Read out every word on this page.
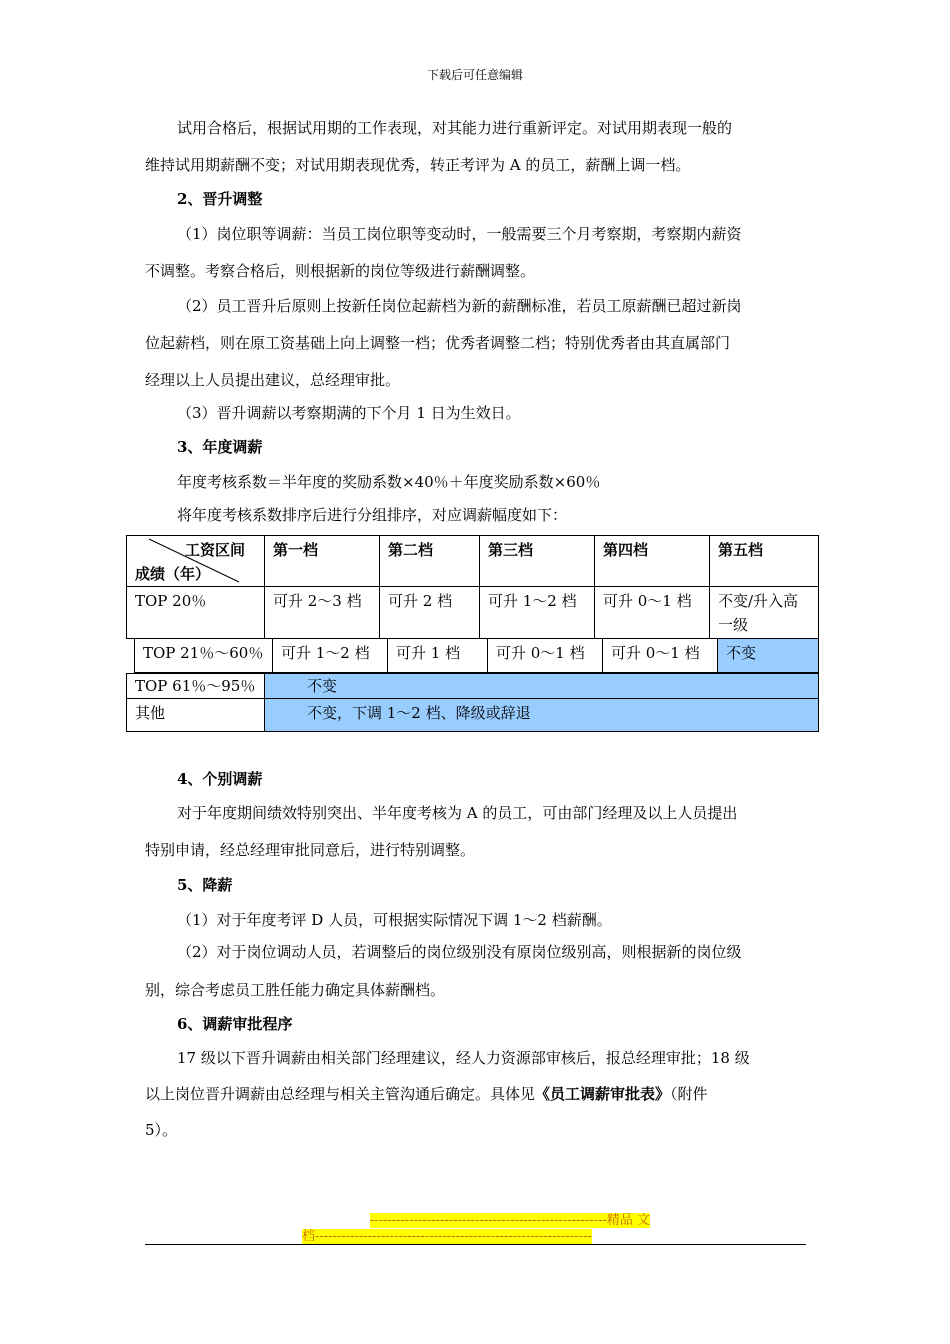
下载后可任意编辑
试用合格后，根据试用期的工作表现，对其能力进行重新评定。对试用期表现一般的
维持试用期薪酬不变；对试用期表现优秀，转正考评为 A 的员工，薪酬上调一档。
2、晋升调整
（1）岗位职等调薪：当员工岗位职等变动时，一般需要三个月考察期，考察期内薪资
不调整。考察合格后，则根据新的岗位等级进行薪酬调整。
（2）员工晋升后原则上按新任岗位起薪档为新的薪酬标准，若员工原薪酬已超过新岗
位起薪档，则在原工资基础上向上调整一档；优秀者调整二档；特别优秀者由其直属部门
经理以上人员提出建议，总经理审批。
（3）晋升调薪以考察期满的下个月 1 日为生效日。
3、年度调薪
年度考核系数＝半年度的奖励系数×40％＋年度奖励系数×60％
将年度考核系数排序后进行分组排序，对应调薪幅度如下：
工资区间
成绩（年）
第一档	第二档	第三档	第四档	第五档
TOP 20％	可升 2～3 档	可升 2 档	可升 1～2 档	可升 0～1 档	不变/升入高一级
TOP 21％～60％	可升 1～2 档	可升 1 档	可升 0～1 档	可升 0～1 档	不变
TOP 61％～95％	不变
其他	不变，下调 1～2 档、降级或辞退
4、个别调薪
对于年度期间绩效特别突出、半年度考核为 A 的员工，可由部门经理及以上人员提出
特别申请，经总经理审批同意后，进行特别调整。
5、降薪
（1）对于年度考评 D 人员，可根据实际情况下调 1～2 档薪酬。
（2）对于岗位调动人员，若调整后的岗位级别没有原岗位级别高，则根据新的岗位级
别，综合考虑员工胜任能力确定具体薪酬档。
6、调薪审批程序
17 级以下晋升调薪由相关部门经理建议，经人力资源部审核后，报总经理审批；18 级
以上岗位晋升调薪由总经理与相关主管沟通后确定。具体见《员工调薪审批表》（附件
5）。
------------------------------------------------------精品 文
档---------------------------------------------------------------
